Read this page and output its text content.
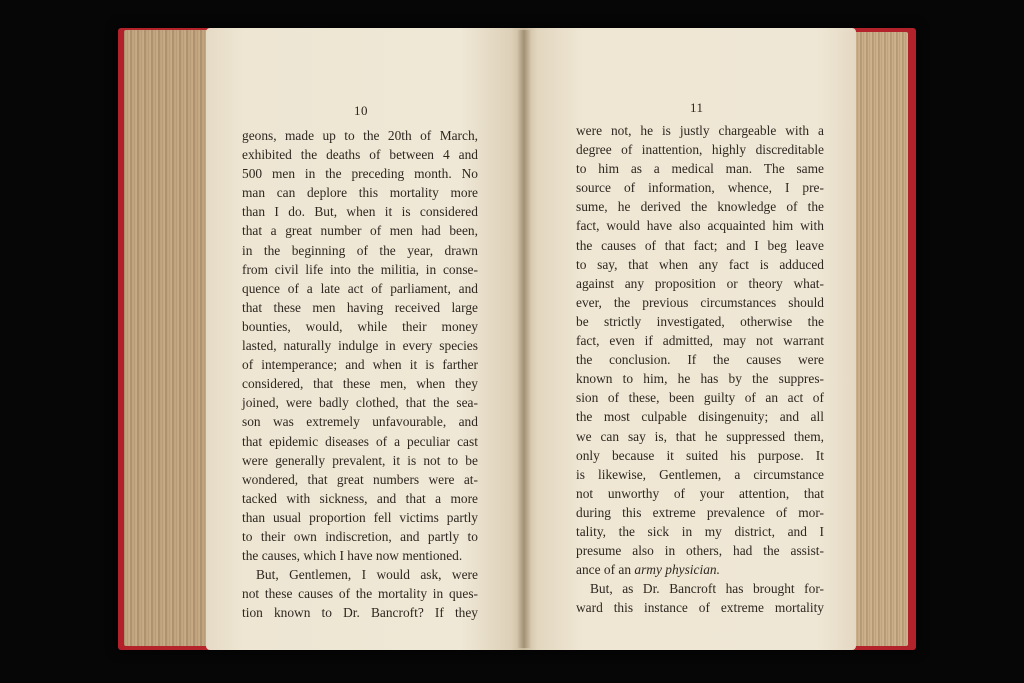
10
geons, made up to the 20th of March,
exhibited the deaths of between 4 and
500 men in the preceding month. No
man can deplore this mortality more
than I do. But, when it is considered
that a great number of men had been,
in the beginning of the year, drawn
from civil life into the militia, in conse-
quence of a late act of parliament, and
that these men having received large
bounties, would, while their money
lasted, naturally indulge in every species
of intemperance; and when it is farther
considered, that these men, when they
joined, were badly clothed, that the sea-
son was extremely unfavourable, and
that epidemic diseases of a peculiar cast
were generally prevalent, it is not to be
wondered, that great numbers were at-
tacked with sickness, and that a more
than usual proportion fell victims partly
to their own indiscretion, and partly to
the causes, which I have now mentioned.
But, Gentlemen, I would ask, were
not these causes of the mortality in ques-
tion known to Dr. Bancroft? If they
11
were not, he is justly chargeable with a
degree of inattention, highly discreditable
to him as a medical man. The same
source of information, whence, I pre-
sume, he derived the knowledge of the
fact, would have also acquainted him with
the causes of that fact; and I beg leave
to say, that when any fact is adduced
against any proposition or theory what-
ever, the previous circumstances should
be strictly investigated, otherwise the
fact, even if admitted, may not warrant
the conclusion. If the causes were
known to him, he has by the suppres-
sion of these, been guilty of an act of
the most culpable disingenuity; and all
we can say is, that he suppressed them,
only because it suited his purpose. It
is likewise, Gentlemen, a circumstance
not unworthy of your attention, that
during this extreme prevalence of mor-
tality, the sick in my district, and I
presume also in others, had the assist-
ance of an army physician.
But, as Dr. Bancroft has brought for-
ward this instance of extreme mortality
